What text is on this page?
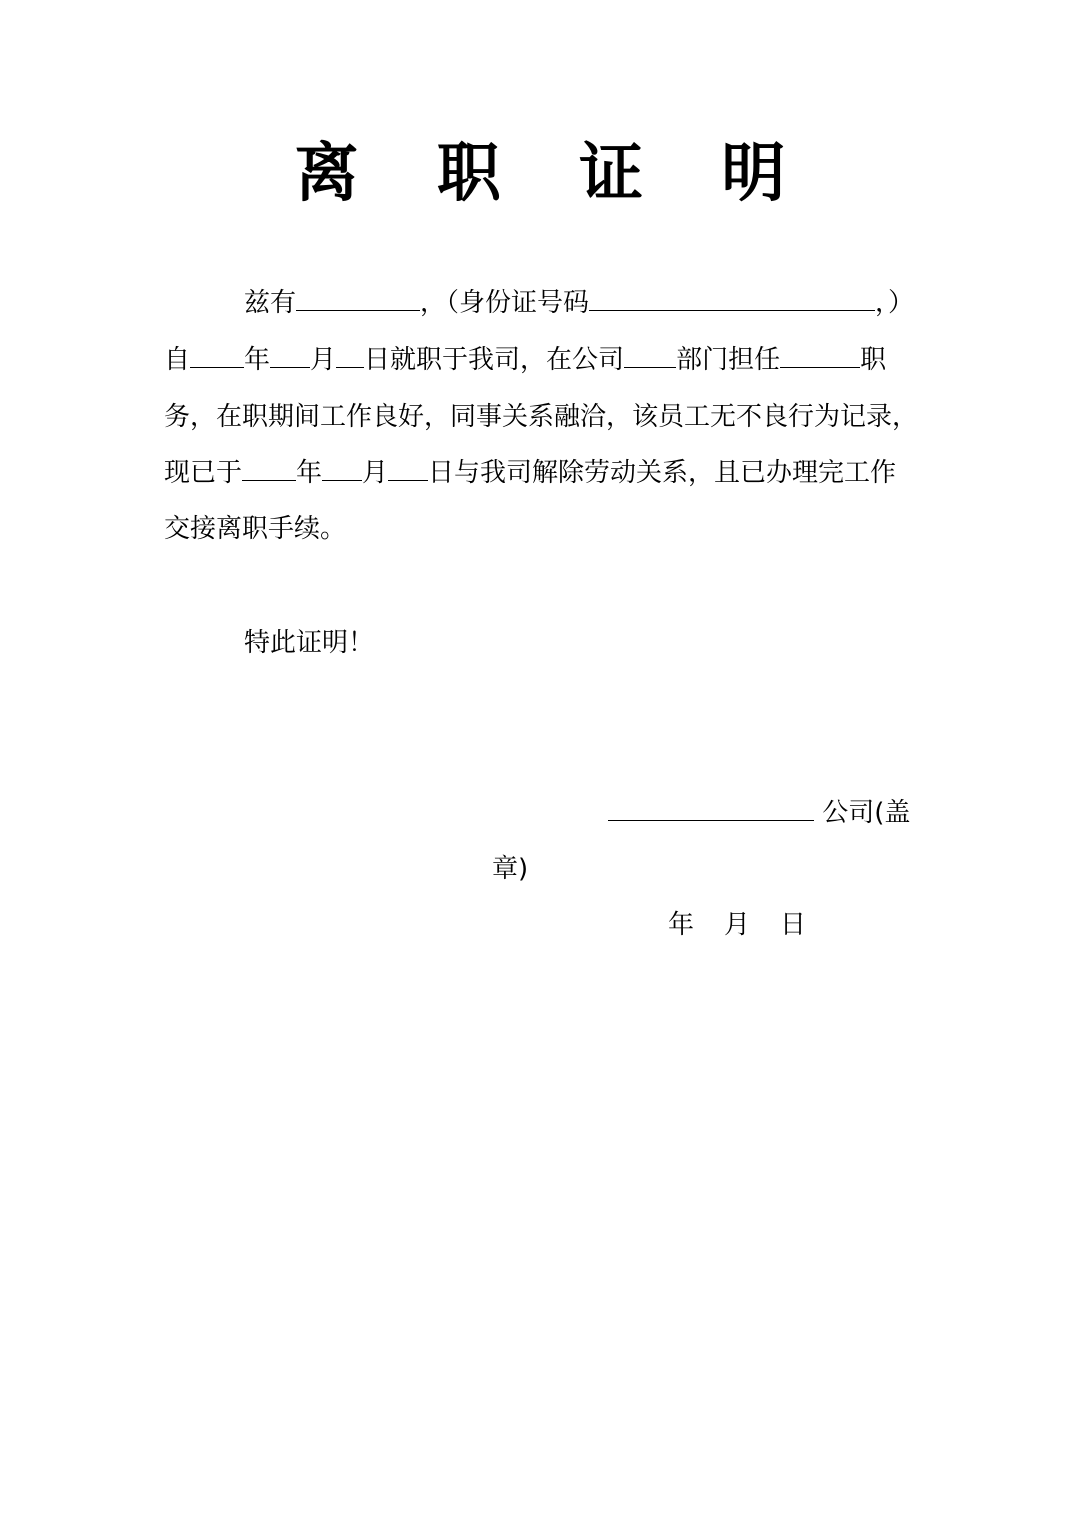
离 职 证 明
兹有	，（身份证号码	，）
自 年 月 日就职于我司，在公司 部门担任	职
务，在职期间工作良好，同事关系融洽，该员工无不良行为记录，
现已于 年 月 日与我司解除劳动关系，且已办理完工作
交接离职手续。
特此证明！
公司(盖
章)
年 月 日
